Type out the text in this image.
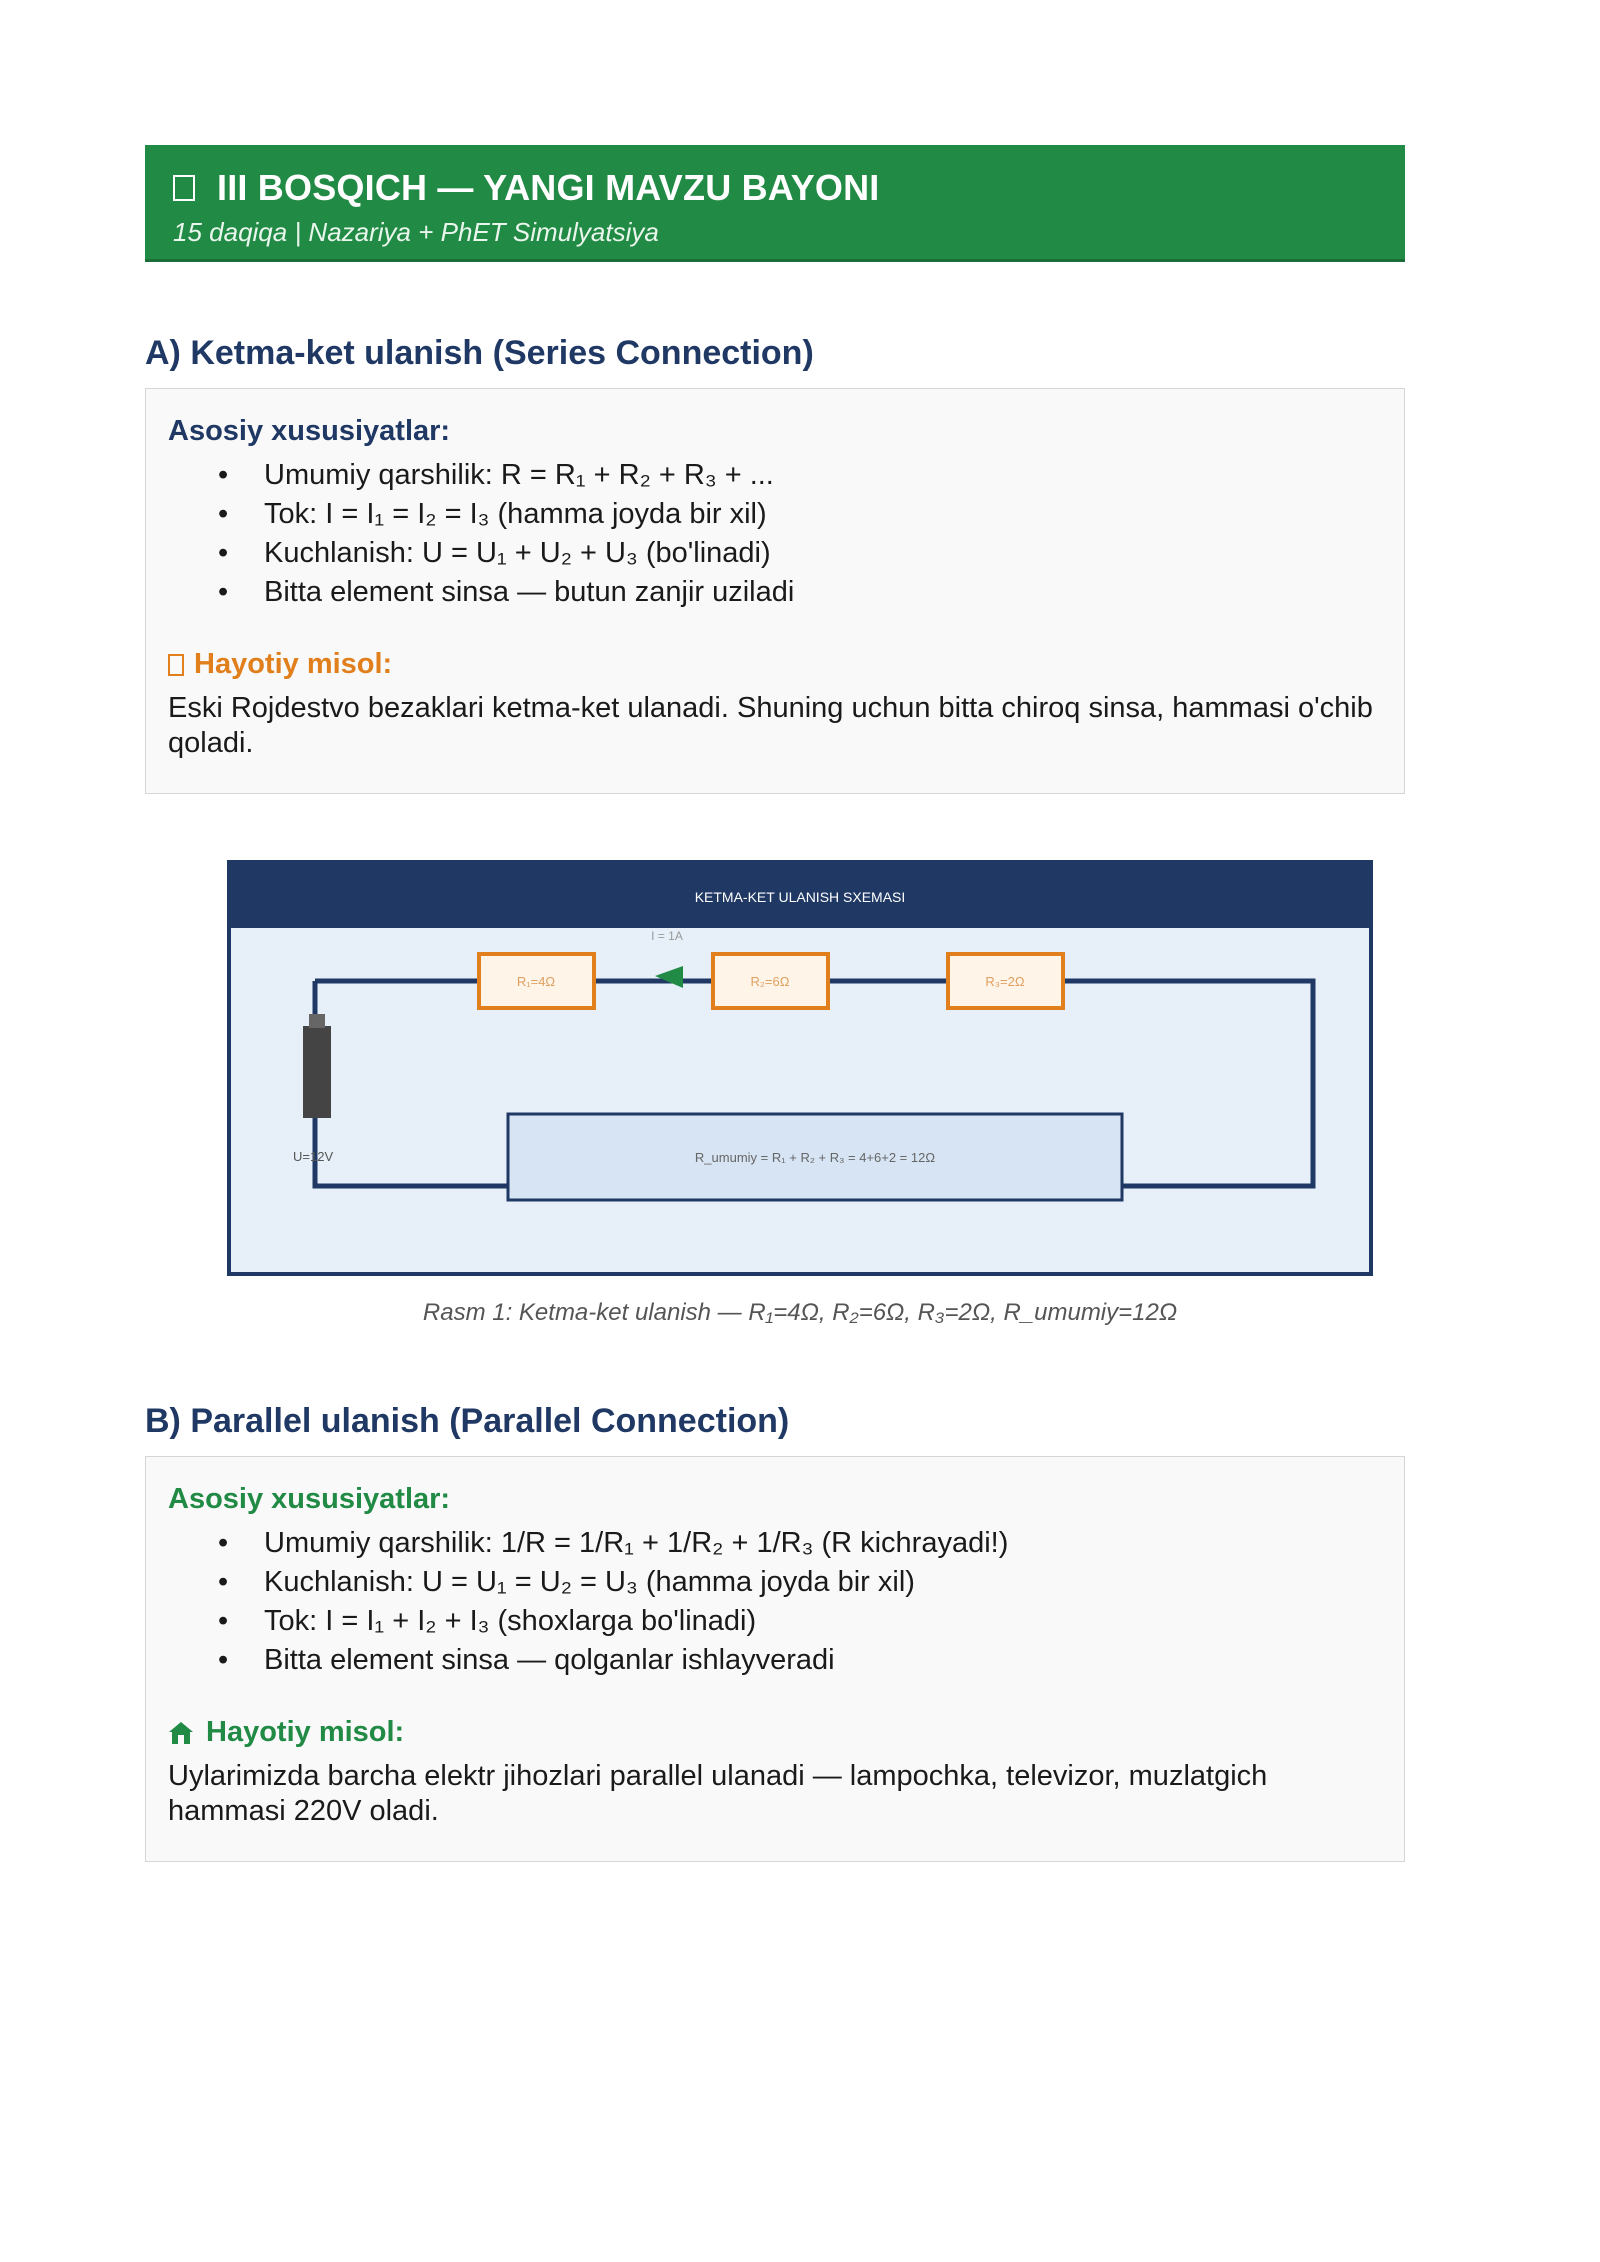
III BOSQICH — YANGI MAVZU BAYONI
15 daqiqa | Nazariya + PhET Simulyatsiya
A) Ketma-ket ulanish (Series Connection)
Asosiy xususiyatlar:
• Umumiy qarshilik: R = R₁ + R₂ + R₃ + ...
• Tok: I = I₁ = I₂ = I₃ (hamma joyda bir xil)
• Kuchlanish: U = U₁ + U₂ + U₃ (bo'linadi)
• Bitta element sinsa — butun zanjir uziladi
Hayotiy misol:
Eski Rojdestvo bezaklari ketma-ket ulanadi. Shuning uchun bitta chiroq sinsa, hammasi o'chib qoladi.
KETMA-KET ULANISH SXEMASI
U=12V
R₁=4Ω	R₂=6Ω	R₃=2Ω
I = 1A
R_umumiy = R₁ + R₂ + R₃ = 4+6+2 = 12Ω
Rasm 1: Ketma-ket ulanish — R₁=4Ω, R₂=6Ω, R₃=2Ω, R_umumiy=12Ω
B) Parallel ulanish (Parallel Connection)
Asosiy xususiyatlar:
• Umumiy qarshilik: 1/R = 1/R₁ + 1/R₂ + 1/R₃ (R kichrayadi!)
• Kuchlanish: U = U₁ = U₂ = U₃ (hamma joyda bir xil)
• Tok: I = I₁ + I₂ + I₃ (shoxlarga bo'linadi)
• Bitta element sinsa — qolganlar ishlayveradi
Hayotiy misol:
Uylarimizda barcha elektr jihozlari parallel ulanadi — lampochka, televizor, muzlatgich hammasi 220V oladi.
